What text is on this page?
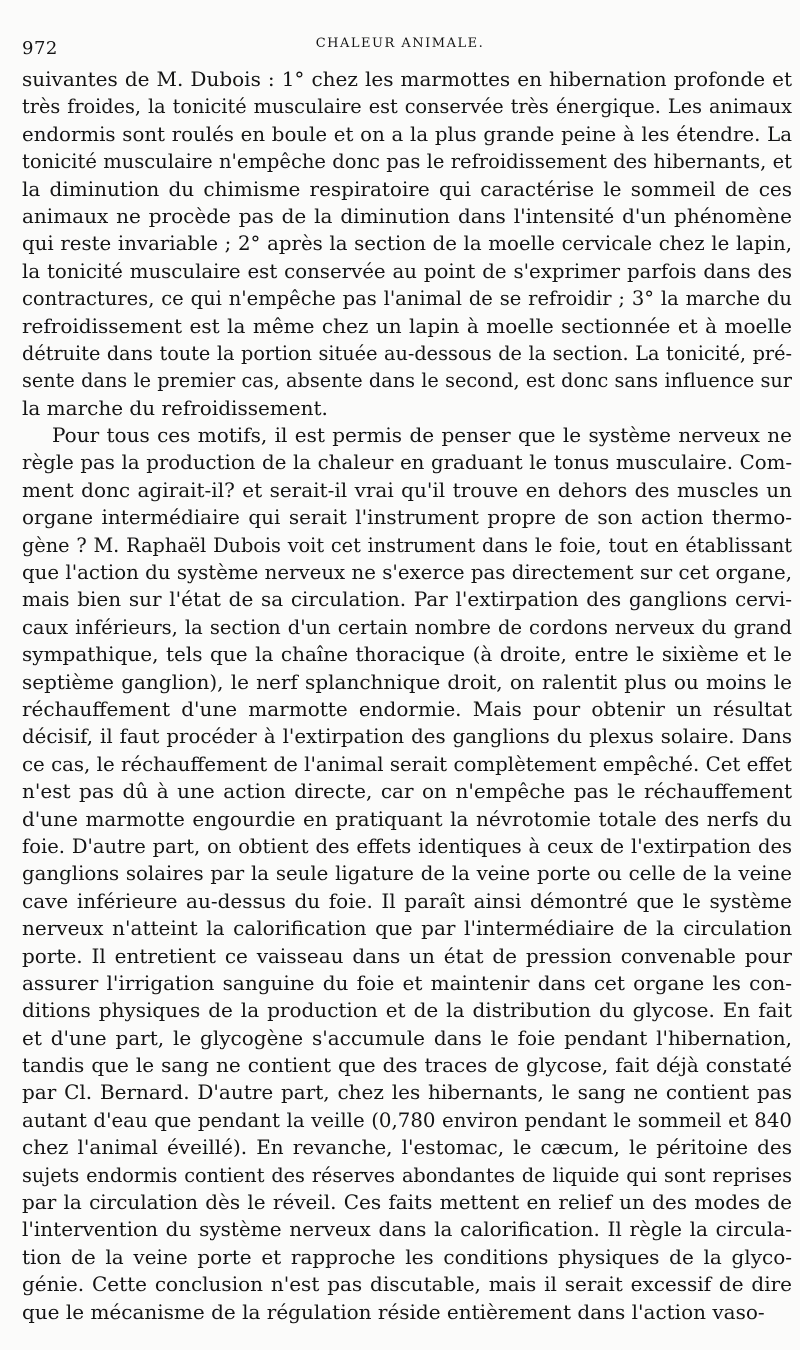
972	CHALEUR ANIMALE.
suivantes de M. Dubois : 1° chez les marmottes en hibernation profonde et
très froides, la tonicité musculaire est conservée très énergique. Les animaux
endormis sont roulés en boule et on a la plus grande peine à les étendre. La
tonicité musculaire n'empêche donc pas le refroidissement des hibernants, et
la diminution du chimisme respiratoire qui caractérise le sommeil de ces
animaux ne procède pas de la diminution dans l'intensité d'un phénomène
qui reste invariable ; 2° après la section de la moelle cervicale chez le lapin,
la tonicité musculaire est conservée au point de s'exprimer parfois dans des
contractures, ce qui n'empêche pas l'animal de se refroidir ; 3° la marche du
refroidissement est la même chez un lapin à moelle sectionnée et à moelle
détruite dans toute la portion située au-dessous de la section. La tonicité, pré-
sente dans le premier cas, absente dans le second, est donc sans influence sur
la marche du refroidissement.
Pour tous ces motifs, il est permis de penser que le système nerveux ne
règle pas la production de la chaleur en graduant le tonus musculaire. Com-
ment donc agirait-il? et serait-il vrai qu'il trouve en dehors des muscles un
organe intermédiaire qui serait l'instrument propre de son action thermo-
gène ? M. Raphaël Dubois voit cet instrument dans le foie, tout en établissant
que l'action du système nerveux ne s'exerce pas directement sur cet organe,
mais bien sur l'état de sa circulation. Par l'extirpation des ganglions cervi-
caux inférieurs, la section d'un certain nombre de cordons nerveux du grand
sympathique, tels que la chaîne thoracique (à droite, entre le sixième et le
septième ganglion), le nerf splanchnique droit, on ralentit plus ou moins le
réchauffement d'une marmotte endormie. Mais pour obtenir un résultat
décisif, il faut procéder à l'extirpation des ganglions du plexus solaire. Dans
ce cas, le réchauffement de l'animal serait complètement empêché. Cet effet
n'est pas dû à une action directe, car on n'empêche pas le réchauffement
d'une marmotte engourdie en pratiquant la névrotomie totale des nerfs du
foie. D'autre part, on obtient des effets identiques à ceux de l'extirpation des
ganglions solaires par la seule ligature de la veine porte ou celle de la veine
cave inférieure au-dessus du foie. Il paraît ainsi démontré que le système
nerveux n'atteint la calorification que par l'intermédiaire de la circulation
porte. Il entretient ce vaisseau dans un état de pression convenable pour
assurer l'irrigation sanguine du foie et maintenir dans cet organe les con-
ditions physiques de la production et de la distribution du glycose. En fait
et d'une part, le glycogène s'accumule dans le foie pendant l'hibernation,
tandis que le sang ne contient que des traces de glycose, fait déjà constaté
par Cl. Bernard. D'autre part, chez les hibernants, le sang ne contient pas
autant d'eau que pendant la veille (0,780 environ pendant le sommeil et 840
chez l'animal éveillé). En revanche, l'estomac, le cæcum, le péritoine des
sujets endormis contient des réserves abondantes de liquide qui sont reprises
par la circulation dès le réveil. Ces faits mettent en relief un des modes de
l'intervention du système nerveux dans la calorification. Il règle la circula-
tion de la veine porte et rapproche les conditions physiques de la glyco-
génie. Cette conclusion n'est pas discutable, mais il serait excessif de dire
que le mécanisme de la régulation réside entièrement dans l'action vaso-
